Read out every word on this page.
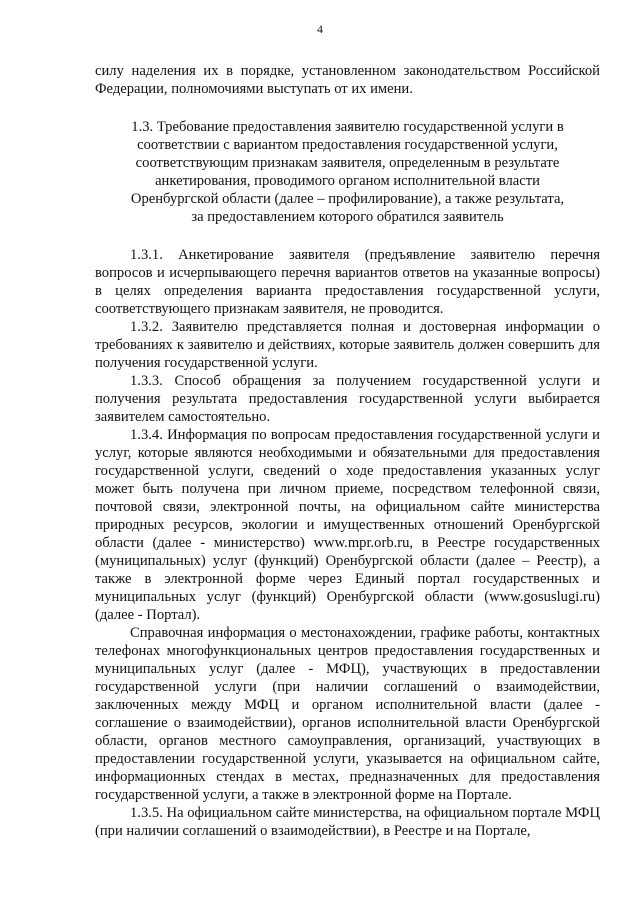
4

силу наделения их в порядке, установленном законодательством Российской Федерации, полномочиями выступать от их имени.

1.3. Требование предоставления заявителю государственной услуги в соответствии с вариантом предоставления государственной услуги, соответствующим признакам заявителя, определенным в результате анкетирования, проводимого органом исполнительной власти Оренбургской области (далее – профилирование), а также результата, за предоставлением которого обратился заявитель

1.3.1. Анкетирование заявителя (предъявление заявителю перечня вопросов и исчерпывающего перечня вариантов ответов на указанные вопросы) в целях определения варианта предоставления государственной услуги, соответствующего признакам заявителя, не проводится.

1.3.2. Заявителю представляется полная и достоверная информации о требованиях к заявителю и действиях, которые заявитель должен совершить для получения государственной услуги.

1.3.3. Способ обращения за получением государственной услуги и получения результата предоставления государственной услуги выбирается заявителем самостоятельно.

1.3.4. Информация по вопросам предоставления государственной услуги и услуг, которые являются необходимыми и обязательными для предоставления государственной услуги, сведений о ходе предоставления указанных услуг может быть получена при личном приеме, посредством телефонной связи, почтовой связи, электронной почты, на официальном сайте министерства природных ресурсов, экологии и имущественных отношений Оренбургской области (далее - министерство) www.mpr.orb.ru, в Реестре государственных (муниципальных) услуг (функций) Оренбургской области (далее – Реестр), а также в электронной форме через Единый портал государственных и муниципальных услуг (функций) Оренбургской области (www.gosuslugi.ru) (далее - Портал).

Справочная информация о местонахождении, графике работы, контактных телефонах многофункциональных центров предоставления государственных и муниципальных услуг (далее - МФЦ), участвующих в предоставлении государственной услуги (при наличии соглашений о взаимодействии, заключенных между МФЦ и органом исполнительной власти (далее - соглашение о взаимодействии), органов исполнительной власти Оренбургской области, органов местного самоуправления, организаций, участвующих в предоставлении государственной услуги, указывается на официальном сайте, информационных стендах в местах, предназначенных для предоставления государственной услуги, а также в электронной форме на Портале.

1.3.5. На официальном сайте министерства, на официальном портале МФЦ (при наличии соглашений о взаимодействии), в Реестре и на Портале,
